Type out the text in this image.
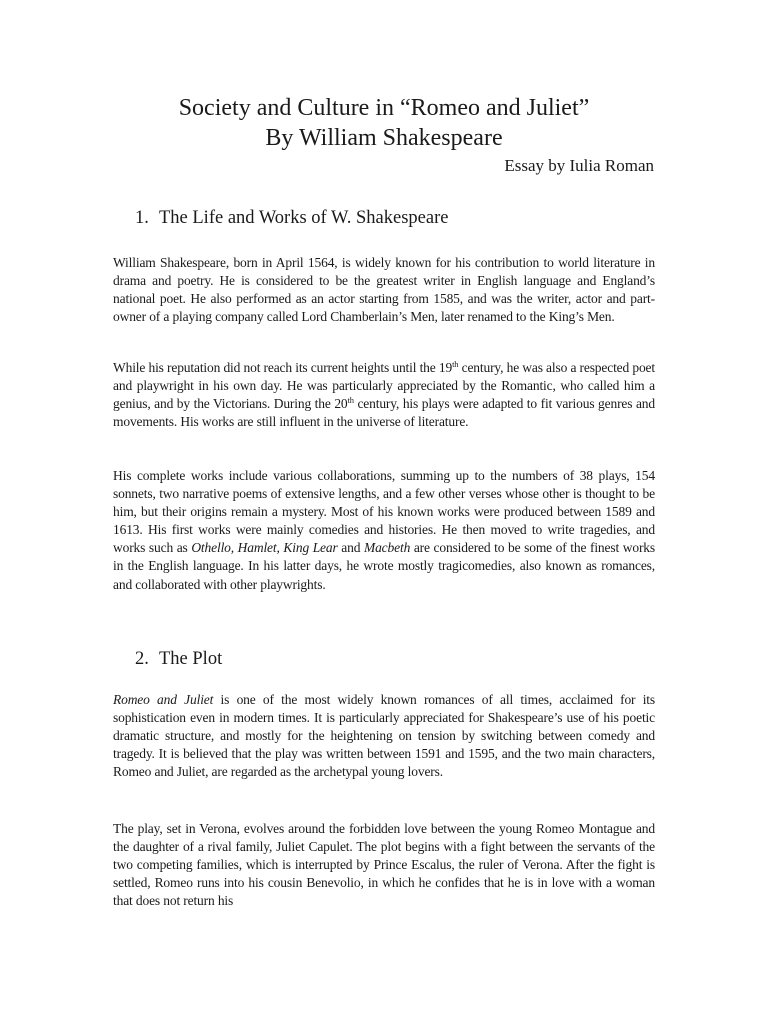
Society and Culture in “Romeo and Juliet”
By William Shakespeare
Essay by Iulia Roman
1. The Life and Works of W. Shakespeare

William Shakespeare, born in April 1564, is widely known for his contribution to world literature in drama and poetry. He is considered to be the greatest writer in English language and England’s national poet. He also performed as an actor starting from 1585, and was the writer, actor and part-owner of a playing company called Lord Chamberlain’s Men, later renamed to the King’s Men.

While his reputation did not reach its current heights until the 19th century, he was also a respected poet and playwright in his own day. He was particularly appreciated by the Romantic, who called him a genius, and by the Victorians. During the 20th century, his plays were adapted to fit various genres and movements. His works are still influent in the universe of literature.

His complete works include various collaborations, summing up to the numbers of 38 plays, 154 sonnets, two narrative poems of extensive lengths, and a few other verses whose other is thought to be him, but their origins remain a mystery. Most of his known works were produced between 1589 and 1613. His first works were mainly comedies and histories. He then moved to write tragedies, and works such as Othello, Hamlet, King Lear and Macbeth are considered to be some of the finest works in the English language. In his latter days, he wrote mostly tragicomedies, also known as romances, and collaborated with other playwrights.

2. The Plot

Romeo and Juliet is one of the most widely known romances of all times, acclaimed for its sophistication even in modern times. It is particularly appreciated for Shakespeare’s use of his poetic dramatic structure, and mostly for the heightening on tension by switching between comedy and tragedy. It is believed that the play was written between 1591 and 1595, and the two main characters, Romeo and Juliet, are regarded as the archetypal young lovers.

The play, set in Verona, evolves around the forbidden love between the young Romeo Montague and the daughter of a rival family, Juliet Capulet. The plot begins with a fight between the servants of the two competing families, which is interrupted by Prince Escalus, the ruler of Verona. After the fight is settled, Romeo runs into his cousin Benevolio, in which he confides that he is in love with a woman that does not return his
